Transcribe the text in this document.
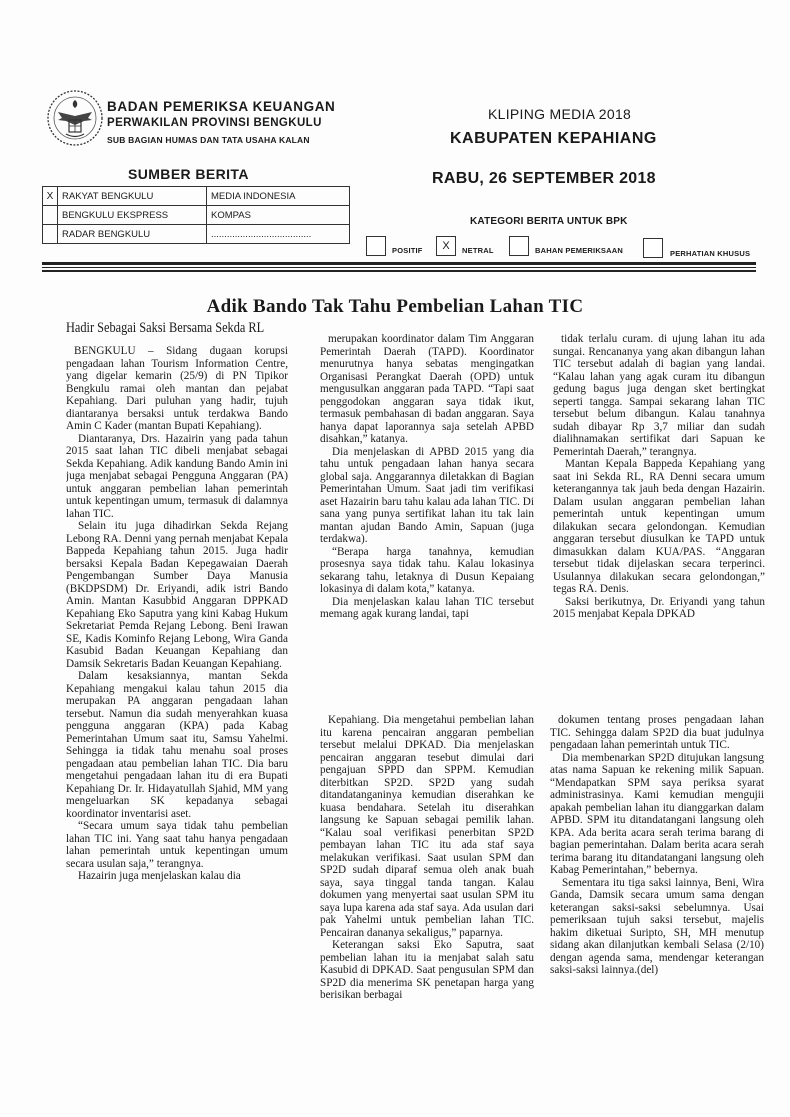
BADAN PEMERIKSA KEUANGAN
PERWAKILAN PROVINSI BENGKULU
SUB BAGIAN HUMAS DAN TATA USAHA KALAN
KLIPING MEDIA 2018
KABUPATEN KEPAHIANG
RABU, 26 SEPTEMBER 2018
SUMBER BERITA
X	RAKYAT BENGKULU	MEDIA INDONESIA
	BENGKULU EKSPRESS	KOMPAS
	RADAR BENGKULU	......................................
KATEGORI BERITA UNTUK BPK
POSITIF	X	NETRAL	BAHAN PEMERIKSAAN	PERHATIAN KHUSUS
Adik Bando Tak Tahu Pembelian Lahan TIC
Hadir Sebagai Saksi Bersama Sekda RL

BENGKULU – Sidang dugaan korupsi pengadaan lahan Tourism Information Centre, yang digelar kemarin (25/9) di PN Tipikor Bengkulu ramai oleh mantan dan pejabat Kepahiang. Dari puluhan yang hadir, tujuh diantaranya bersaksi untuk terdakwa Bando Amin C Kader (mantan Bupati Kepahiang).

Diantaranya, Drs. Hazairin yang pada tahun 2015 saat lahan TIC dibeli menjabat sebagai Sekda Kepahiang. Adik kandung Bando Amin ini juga menjabat sebagai Pengguna Anggaran (PA) untuk anggaran pembelian lahan pemerintah untuk kepentingan umum, termasuk di dalamnya lahan TIC.

Selain itu juga dihadirkan Sekda Rejang Lebong RA. Denni yang pernah menjabat Kepala Bappeda Kepahiang tahun 2015. Juga hadir bersaksi Kepala Badan Kepegawaian Daerah Pengembangan Sumber Daya Manusia (BKDPSDM) Dr. Eriyandi, adik istri Bando Amin. Mantan Kasubbid Anggaran DPPKAD Kepahiang Eko Saputra yang kini Kabag Hukum Sekretariat Pemda Rejang Lebong. Beni Irawan SE, Kadis Kominfo Rejang Lebong, Wira Ganda Kasubid Badan Keuangan Kepahiang dan Damsik Sekretaris Badan Keuangan Kepahiang.

Dalam kesaksiannya, mantan Sekda Kepahiang mengakui kalau tahun 2015 dia merupakan PA anggaran pengadaan lahan tersebut. Namun dia sudah menyerahkan kuasa pengguna anggaran (KPA) pada Kabag Pemerintahan Umum saat itu, Samsu Yahelmi. Sehingga ia tidak tahu menahu soal proses pengadaan atau pembelian lahan TIC. Dia baru mengetahui pengadaan lahan itu di era Bupati Kepahiang Dr. Ir. Hidayatullah Sjahid, MM yang mengeluarkan SK kepadanya sebagai koordinator inventarisi aset.

“Secara umum saya tidak tahu pembelian lahan TIC ini. Yang saat tahu hanya pengadaan lahan pemerintah untuk kepentingan umum secara usulan saja,” terangnya.

Hazairin juga menjelaskan kalau dia

merupakan koordinator dalam Tim Anggaran Pemerintah Daerah (TAPD). Koordinator menurutnya hanya sebatas mengingatkan Organisasi Perangkat Daerah (OPD) untuk mengusulkan anggaran pada TAPD. “Tapi saat penggodokan anggaran saya tidak ikut, termasuk pembahasan di badan anggaran. Saya hanya dapat laporannya saja setelah APBD disahkan,” katanya.

Dia menjelaskan di APBD 2015 yang dia tahu untuk pengadaan lahan hanya secara global saja. Anggarannya diletakkan di Bagian Pemerintahan Umum. Saat jadi tim verifikasi aset Hazairin baru tahu kalau ada lahan TIC. Di sana yang punya sertifikat lahan itu tak lain mantan ajudan Bando Amin, Sapuan (juga terdakwa).

“Berapa harga tanahnya, kemudian prosesnya saya tidak tahu. Kalau lokasinya sekarang tahu, letaknya di Dusun Kepaiang lokasinya di dalam kota,” katanya.

Dia menjelaskan kalau lahan TIC tersebut memang agak kurang landai, tapi

tidak terlalu curam. di ujung lahan itu ada sungai. Rencananya yang akan dibangun lahan TIC tersebut adalah di bagian yang landai. “Kalau lahan yang agak curam itu dibangun gedung bagus juga dengan sket bertingkat seperti tangga. Sampai sekarang lahan TIC tersebut belum dibangun. Kalau tanahnya sudah dibayar Rp 3,7 miliar dan sudah dialihnamakan sertifikat dari Sapuan ke Pemerintah Daerah,” terangnya.

Mantan Kepala Bappeda Kepahiang yang saat ini Sekda RL, RA Denni secara umum keterangannya tak jauh beda dengan Hazairin. Dalam usulan anggaran pembelian lahan pemerintah untuk kepentingan umum dilakukan secara gelondongan. Kemudian anggaran tersebut diusulkan ke TAPD untuk dimasukkan dalam KUA/PAS. “Anggaran tersebut tidak dijelaskan secara terperinci. Usulannya dilakukan secara gelondongan,” tegas RA. Denis.

Saksi berikutnya, Dr. Eriyandi yang tahun 2015 menjabat Kepala DPKAD

Kepahiang. Dia mengetahui pembelian lahan itu karena pencairan anggaran pembelian tersebut melalui DPKAD. Dia menjelaskan pencairan anggaran tesebut dimulai dari pengajuan SPPD dan SPPM. Kemudian diterbitkan SP2D. SP2D yang sudah ditandatanganinya kemudian diserahkan ke kuasa bendahara. Setelah itu diserahkan langsung ke Sapuan sebagai pemilik lahan. “Kalau soal verifikasi penerbitan SP2D pembayan lahan TIC itu ada staf saya melakukan verifikasi. Saat usulan SPM dan SP2D sudah diparaf semua oleh anak buah saya, saya tinggal tanda tangan. Kalau dokumen yang menyertai saat usulan SPM itu saya lupa karena ada staf saya. Ada usulan dari pak Yahelmi untuk pembelian lahan TIC. Pencairan dananya sekaligus,” paparnya.

Keterangan saksi Eko Saputra, saat pembelian lahan itu ia menjabat salah satu Kasubid di DPKAD. Saat pengusulan SPM dan SP2D dia menerima SK penetapan harga yang berisikan berbagai

dokumen tentang proses pengadaan lahan TIC. Sehingga dalam SP2D dia buat judulnya pengadaan lahan pemerintah untuk TIC.

Dia membenarkan SP2D ditujukan langsung atas nama Sapuan ke rekening milik Sapuan. “Mendapatkan SPM saya periksa syarat administrasinya. Kami kemudian mengujii apakah pembelian lahan itu dianggarkan dalam APBD. SPM itu ditandatangani langsung oleh KPA. Ada berita acara serah terima barang di bagian pemerintahan. Dalam berita acara serah terima barang itu ditandatangani langsung oleh Kabag Pemerintahan,” bebernya.

Sementara itu tiga saksi lainnya, Beni, Wira Ganda, Damsik secara umum sama dengan keterangan saksi-saksi sebelumnya. Usai pemeriksaan tujuh saksi tersebut, majelis hakim diketuai Suripto, SH, MH menutup sidang akan dilanjutkan kembali Selasa (2/10) dengan agenda sama, mendengar keterangan saksi-saksi lainnya.(del)
